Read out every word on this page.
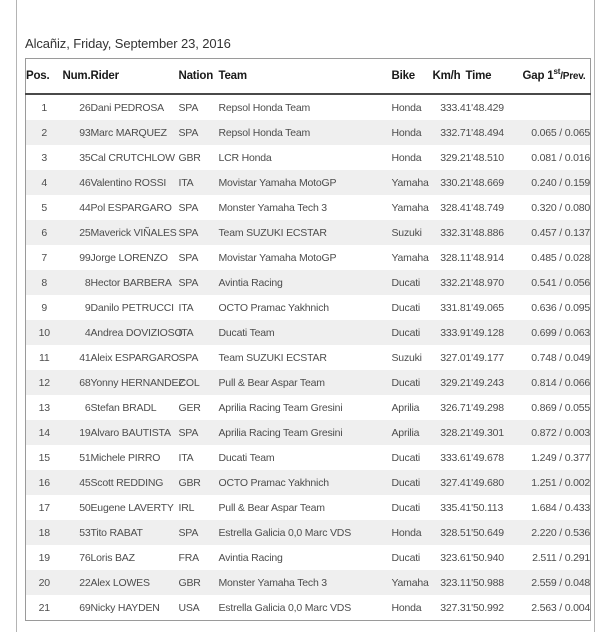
Alcañiz, Friday, September 23, 2016
Pos.	Num.	Rider	Nation	Team	Bike	Km/h	Time	Gap 1st/Prev.
1	26	Dani PEDROSA	SPA	Repsol Honda Team	Honda	333.4	1'48.429	
2	93	Marc MARQUEZ	SPA	Repsol Honda Team	Honda	332.7	1'48.494	0.065 / 0.065
3	35	Cal CRUTCHLOW	GBR	LCR Honda	Honda	329.2	1'48.510	0.081 / 0.016
4	46	Valentino ROSSI	ITA	Movistar Yamaha MotoGP	Yamaha	330.2	1'48.669	0.240 / 0.159
5	44	Pol ESPARGARO	SPA	Monster Yamaha Tech 3	Yamaha	328.4	1'48.749	0.320 / 0.080
6	25	Maverick VIÑALES	SPA	Team SUZUKI ECSTAR	Suzuki	332.3	1'48.886	0.457 / 0.137
7	99	Jorge LORENZO	SPA	Movistar Yamaha MotoGP	Yamaha	328.1	1'48.914	0.485 / 0.028
8	8	Hector BARBERA	SPA	Avintia Racing	Ducati	332.2	1'48.970	0.541 / 0.056
9	9	Danilo PETRUCCI	ITA	OCTO Pramac Yakhnich	Ducati	331.8	1'49.065	0.636 / 0.095
10	4	Andrea DOVIZIOSO	ITA	Ducati Team	Ducati	333.9	1'49.128	0.699 / 0.063
11	41	Aleix ESPARGARO	SPA	Team SUZUKI ECSTAR	Suzuki	327.0	1'49.177	0.748 / 0.049
12	68	Yonny HERNANDEZ	COL	Pull & Bear Aspar Team	Ducati	329.2	1'49.243	0.814 / 0.066
13	6	Stefan BRADL	GER	Aprilia Racing Team Gresini	Aprilia	326.7	1'49.298	0.869 / 0.055
14	19	Alvaro BAUTISTA	SPA	Aprilia Racing Team Gresini	Aprilia	328.2	1'49.301	0.872 / 0.003
15	51	Michele PIRRO	ITA	Ducati Team	Ducati	333.6	1'49.678	1.249 / 0.377
16	45	Scott REDDING	GBR	OCTO Pramac Yakhnich	Ducati	327.4	1'49.680	1.251 / 0.002
17	50	Eugene LAVERTY	IRL	Pull & Bear Aspar Team	Ducati	335.4	1'50.113	1.684 / 0.433
18	53	Tito RABAT	SPA	Estrella Galicia 0,0 Marc VDS	Honda	328.5	1'50.649	2.220 / 0.536
19	76	Loris BAZ	FRA	Avintia Racing	Ducati	323.6	1'50.940	2.511 / 0.291
20	22	Alex LOWES	GBR	Monster Yamaha Tech 3	Yamaha	323.1	1'50.988	2.559 / 0.048
21	69	Nicky HAYDEN	USA	Estrella Galicia 0,0 Marc VDS	Honda	327.3	1'50.992	2.563 / 0.004
